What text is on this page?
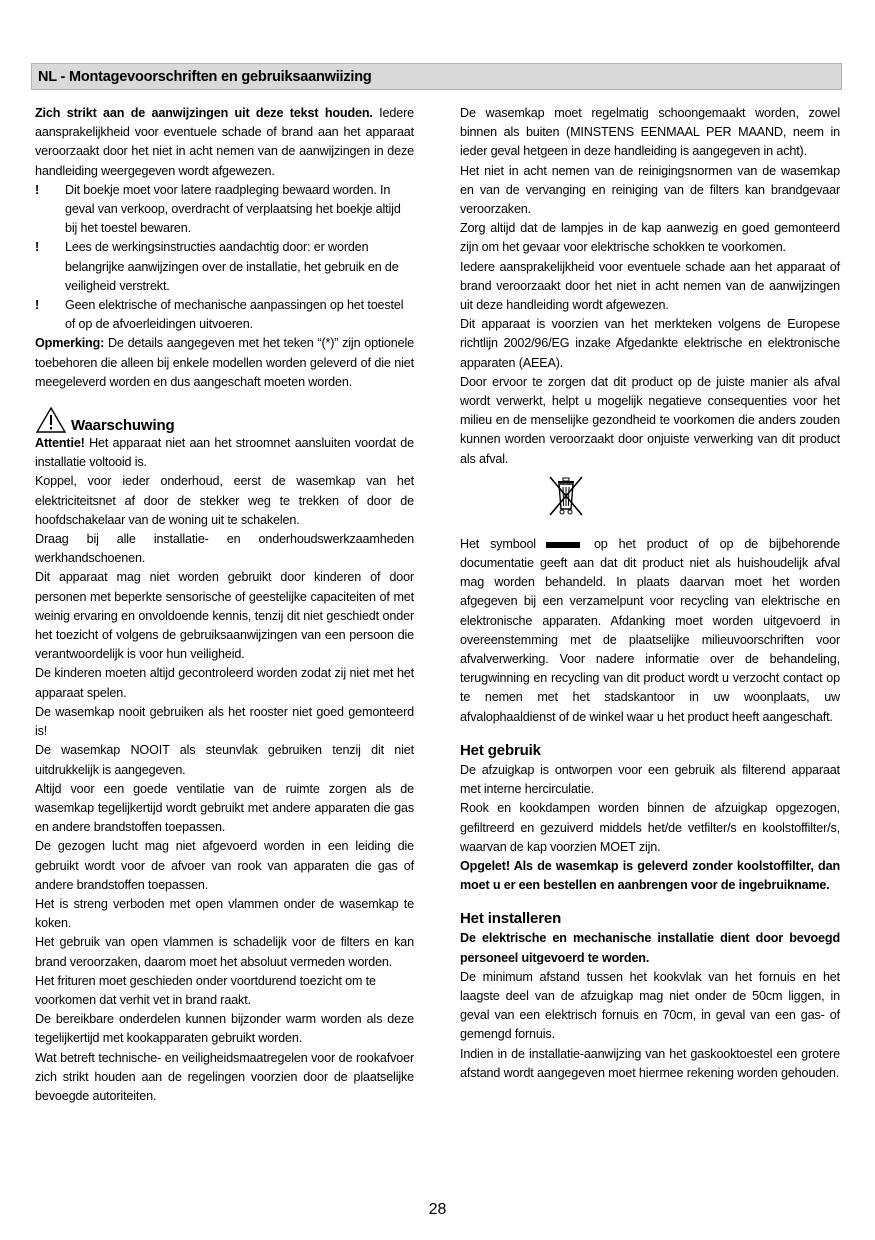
NL - Montagevoorschriften en gebruiksaanwiizing

Zich strikt aan de aanwijzingen uit deze tekst houden. Iedere aansprakelijkheid voor eventuele schade of brand aan het apparaat veroorzaakt door het niet in acht nemen van de aanwijzingen in deze handleiding weergegeven wordt afgewezen.

! Dit boekje moet voor latere raadpleging bewaard worden. In geval van verkoop, overdracht of verplaatsing het boekje altijd bij het toestel bewaren.

! Lees de werkingsinstructies aandachtig door: er worden belangrijke aanwijzingen over de installatie, het gebruik en de veiligheid verstrekt.

! Geen elektrische of mechanische aanpassingen op het toestel of op de afvoerleidingen uitvoeren.

Opmerking: De details aangegeven met het teken “(*)” zijn optionele toebehoren die alleen bij enkele modellen worden geleverd of die niet meegeleverd worden en dus aangeschaft moeten worden.

Waarschuwing

Attentie! Het apparaat niet aan het stroomnet aansluiten voordat de installatie voltooid is.

Koppel, voor ieder onderhoud, eerst de wasemkap van het elektriciteitsnet af door de stekker weg te trekken of door de hoofdschakelaar van de woning uit te schakelen.

Draag bij alle installatie- en onderhoudswerkzaamheden werkhandschoenen.

Dit apparaat mag niet worden gebruikt door kinderen of door personen met beperkte sensorische of geestelijke capaciteiten of met weinig ervaring en onvoldoende kennis, tenzij dit niet geschiedt onder het toezicht of volgens de gebruiksaanwijzingen van een persoon die verantwoordelijk is voor hun veiligheid.

De kinderen moeten altijd gecontroleerd worden zodat zij niet met het apparaat spelen.

De wasemkap nooit gebruiken als het rooster niet goed gemonteerd is!

De wasemkap NOOIT als steunvlak gebruiken tenzij dit niet uitdrukkelijk is aangegeven.

Altijd voor een goede ventilatie van de ruimte zorgen als de wasemkap tegelijkertijd wordt gebruikt met andere apparaten die gas en andere brandstoffen toepassen.

De gezogen lucht mag niet afgevoerd worden in een leiding die gebruikt wordt voor de afvoer van rook van apparaten die gas of andere brandstoffen toepassen.

Het is streng verboden met open vlammen onder de wasemkap te koken.

Het gebruik van open vlammen is schadelijk voor de filters en kan brand veroorzaken, daarom moet het absoluut vermeden worden.

Het frituren moet geschieden onder voortdurend toezicht om te voorkomen dat verhit vet in brand raakt.

De bereikbare onderdelen kunnen bijzonder warm worden als deze tegelijkertijd met kookapparaten gebruikt worden.

Wat betreft technische- en veiligheidsmaatregelen voor de rookafvoer zich strikt houden aan de regelingen voorzien door de plaatselijke bevoegde autoriteiten.

De wasemkap moet regelmatig schoongemaakt worden, zowel binnen als buiten (MINSTENS EENMAAL PER MAAND, neem in ieder geval hetgeen in deze handleiding is aangegeven in acht).

Het niet in acht nemen van de reinigingsnormen van de wasemkap en van de vervanging en reiniging van de filters kan brandgevaar veroorzaken.

Zorg altijd dat de lampjes in de kap aanwezig en goed gemonteerd zijn om het gevaar voor elektrische schokken te voorkomen.

Iedere aansprakelijkheid voor eventuele schade aan het apparaat of brand veroorzaakt door het niet in acht nemen van de aanwijzingen uit deze handleiding wordt afgewezen.

Dit apparaat is voorzien van het merkteken volgens de Europese richtlijn 2002/96/EG inzake Afgedankte elektrische en elektronische apparaten (AEEA).

Door ervoor te zorgen dat dit product op de juiste manier als afval wordt verwerkt, helpt u mogelijk negatieve consequenties voor het milieu en de menselijke gezondheid te voorkomen die anders zouden kunnen worden veroorzaakt door onjuiste verwerking van dit product als afval.

Het symbool	op het product of op de bijbehorende documentatie geeft aan dat dit product niet als huishoudelijk afval mag worden behandeld. In plaats daarvan moet het worden afgegeven bij een verzamelpunt voor recycling van elektrische en elektronische apparaten. Afdanking moet worden uitgevoerd in overeenstemming met de plaatselijke milieuvoorschriften voor afvalverwerking. Voor nadere informatie over de behandeling, terugwinning en recycling van dit product wordt u verzocht contact op te nemen met het stadskantoor in uw woonplaats, uw afvalophaaldienst of de winkel waar u het product heeft aangeschaft.

Het gebruik

De afzuigkap is ontworpen voor een gebruik als filterend apparaat met interne hercirculatie.

Rook en kookdampen worden binnen de afzuigkap opgezogen, gefiltreerd en gezuiverd middels het/de vetfilter/s en koolstoffilter/s, waarvan de kap voorzien MOET zijn.

Opgelet! Als de wasemkap is geleverd zonder koolstoffilter, dan moet u er een bestellen en aanbrengen voor de ingebruikname.

Het installeren

De elektrische en mechanische installatie dient door bevoegd personeel uitgevoerd te worden.

De minimum afstand tussen het kookvlak van het fornuis en het laagste deel van de afzuigkap mag niet onder de 50cm liggen, in geval van een elektrisch fornuis en 70cm, in geval van een gas- of gemengd fornuis.

Indien in de installatie-aanwijzing van het gaskooktoestel een grotere afstand wordt aangegeven moet hiermee rekening worden gehouden.

28
